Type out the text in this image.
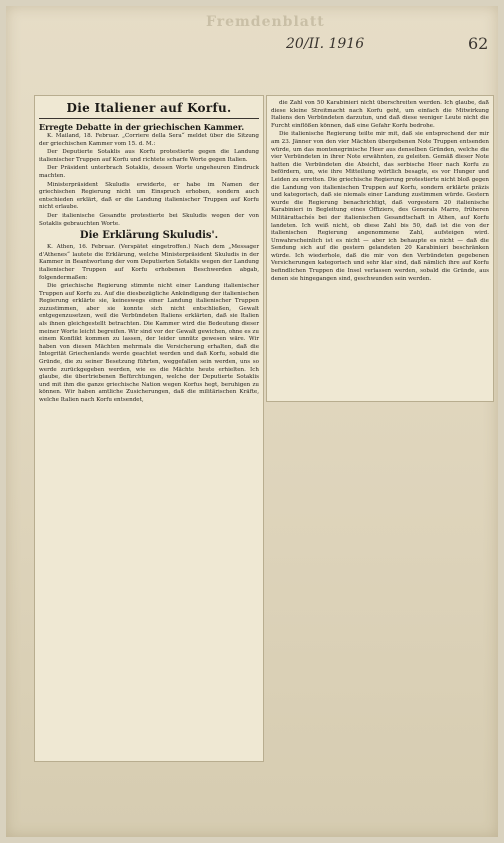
Fremdenblatt
20/II. 1916	62

Die Italiener auf Korfu.

Erregte Debatte in der griechischen Kammer.

K. Mailand, 18. Februar. „Corriere della Sera“ meldet über die Sitzung der griechischen Kammer vom 15. d. M.:

Der Deputierte Sotaklis aus Korfu protestierte gegen die Landung italienischer Truppen auf Korfu und richtete scharfe Worte gegen Italien.

Der Präsident unterbrach Sotaklis, dessen Worte ungeheuren Eindruck machten.

Ministerpräsident Skuludis erwiderte, er habe im Namen der griechischen Regierung nicht um Einspruch erhoben, sondern auch entschieden erklärt, daß er die Landung italienischer Truppen auf Korfu nicht erlaube.

Der italienische Gesandte protestierte bei Skuludis wegen der von Sotaklis gebrauchten Worte.

Die Erklärung Skuludis'.

K. Athen, 16. Februar. (Verspätet eingetroffen.) Nach dem „Messager d'Athenes“ lautete die Erklärung, welche Ministerpräsident Skuludis in der Kammer in Beantwortung der vom Deputierten Sotaklis wegen der Landung italienischer Truppen auf Korfu erhobenen Beschwerden abgab, folgendermaßen:

Die griechische Regierung stimmte nicht einer Landung italienischer Truppen auf Korfu zu. Auf die diesbezügliche Ankündigung der italienischen Regierung erklärte sie, keineswegs einer Landung italienischer Truppen zuzustimmen, aber sie konnte sich nicht entschließen, Gewalt entgegenzusetzen, weil die Verbündeten Italiens erklärten, daß sie Italien als ihnen gleichgestellt betrachten. Die Kammer wird die Bedeutung dieser meiner Worte leicht begreifen. Wir sind vor der Gewalt gewichen, ohne es zu einem Konflikt kommen zu lassen, der leider unnütz gewesen wäre. Wir haben von diesen Mächten mehrmals die Versicherung erhalten, daß die Integrität Griechenlands werde geachtet werden und daß Korfu, sobald die Gründe, die zu seiner Besetzung führten, weggefallen sein werden, uns so werde zurückgegeben werden, wie es die Mächte heute erhielten. Ich glaube, die übertriebenen Befürchtungen, welche der Deputierte Sotaklis und mit ihm die ganze griechische Nation wegen Korfus hegt, beruhigen zu können. Wir haben amtliche Zusicherungen, daß die militärischen Kräfte, welche Italien nach Korfu entsendet,

die Zahl von 50 Karabinieri nicht überschreiten werden. Ich glaube, daß diese kleine Streitmacht nach Korfu geht, um einfach die Mitwirkung Italiens den Verbündeten darzutun, und daß diese weniger Leute nicht die Furcht einflößen können, daß eine Gefahr Korfu bedrohe.

Die italienische Regierung teilte mir mit, daß sie entsprechend der mir am 23. Jänner von den vier Mächten übergebenen Note Truppen entsenden würde, um das montenegrinische Heer aus denselben Gründen, welche die vier Verbündeten in ihrer Note erwähnten, zu geleiten. Gemäß dieser Note hatten die Verbündeten die Absicht, das serbische Heer nach Korfu zu befördern, um, wie ihre Mitteilung wörtlich besagte, es vor Hunger und Leiden zu erretten. Die griechische Regierung protestierte nicht bloß gegen die Landung von italienischen Truppen auf Korfu, sondern erklärte präzis und kategorisch, daß sie niemals einer Landung zustimmen würde. Gestern wurde die Regierung benachrichtigt, daß vorgestern 20 italienische Karabinieri in Begleitung eines Offiziers, des Generals Marro, früheren Militärattachés bei der italienischen Gesandtschaft in Athen, auf Korfu landeten. Ich weiß nicht, ob diese Zahl bis 50, daß ist die von der italienischen Regierung angenommene Zahl, aufsteigen wird. Unwahrscheinlich ist es nicht — aber ich behaupte es nicht — daß die Sendung sich auf die gestern gelandeten 20 Karabinieri beschränken würde. Ich wiederhole, daß die mir von den Verbündeten gegebenen Versicherungen kategorisch und sehr klar sind, daß nämlich ihre auf Korfu befindlichen Truppen die Insel verlassen werden, sobald die Gründe, aus denen sie hingegangen sind, geschwunden sein werden.
